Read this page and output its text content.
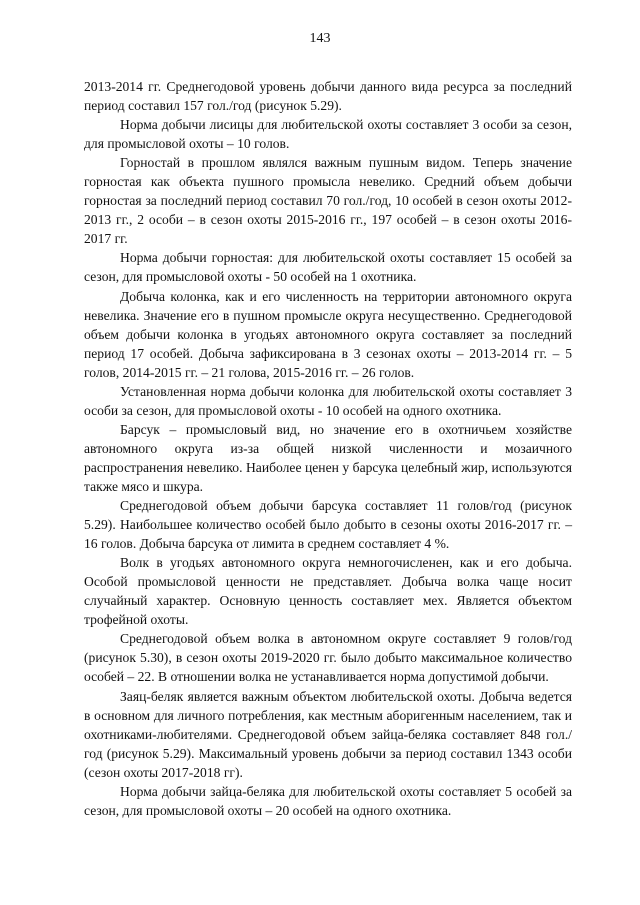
143

2013-2014 гг. Среднегодовой уровень добычи данного вида ресурса за последний период составил 157 гол./год (рисунок 5.29).

Норма добычи лисицы для любительской охоты составляет 3 особи за сезон, для промысловой охоты – 10 голов.

Горностай в прошлом являлся важным пушным видом. Теперь значение горностая как объекта пушного промысла невелико. Средний объем добычи горностая за последний период составил 70 гол./год, 10 особей в сезон охоты 2012-2013 гг., 2 особи – в сезон охоты 2015-2016 гг., 197 особей – в сезон охоты 2016-2017 гг.

Норма добычи горностая: для любительской охоты составляет 15 особей за сезон, для промысловой охоты - 50 особей на 1 охотника.

Добыча колонка, как и его численность на территории автономного округа невелика. Значение его в пушном промысле округа несущественно. Среднегодовой объем добычи колонка в угодьях автономного округа составляет за последний период 17 особей. Добыча зафиксирована в 3 сезонах охоты – 2013-2014 гг. – 5 голов, 2014-2015 гг. – 21 голова, 2015-2016 гг. – 26 голов.

Установленная норма добычи колонка для любительской охоты составляет 3 особи за сезон, для промысловой охоты - 10 особей на одного охотника.

Барсук – промысловый вид, но значение его в охотничьем хозяйстве автономного округа из-за общей низкой численности и мозаичного распространения невелико. Наиболее ценен у барсука целебный жир, используются также мясо и шкура.

Среднегодовой объем добычи барсука составляет 11 голов/год (рисунок 5.29). Наибольшее количество особей было добыто в сезоны охоты 2016-2017 гг. – 16 голов. Добыча барсука от лимита в среднем составляет 4 %.

Волк в угодьях автономного округа немногочисленен, как и его добыча. Особой промысловой ценности не представляет. Добыча волка чаще носит случайный характер. Основную ценность составляет мех. Является объектом трофейной охоты.

Среднегодовой объем волка в автономном округе составляет 9 голов/год (рисунок 5.30), в сезон охоты 2019-2020 гг. было добыто максимальное количество особей – 22. В отношении волка не устанавливается норма допустимой добычи.

Заяц-беляк является важным объектом любительской охоты. Добыча ведется в основном для личного потребления, как местным аборигенным населением, так и охотниками-любителями. Среднегодовой объем зайца-беляка составляет 848 гол./год (рисунок 5.29). Максимальный уровень добычи за период составил 1343 особи (сезон охоты 2017-2018 гг).

Норма добычи зайца-беляка для любительской охоты составляет 5 особей за сезон, для промысловой охоты – 20 особей на одного охотника.
